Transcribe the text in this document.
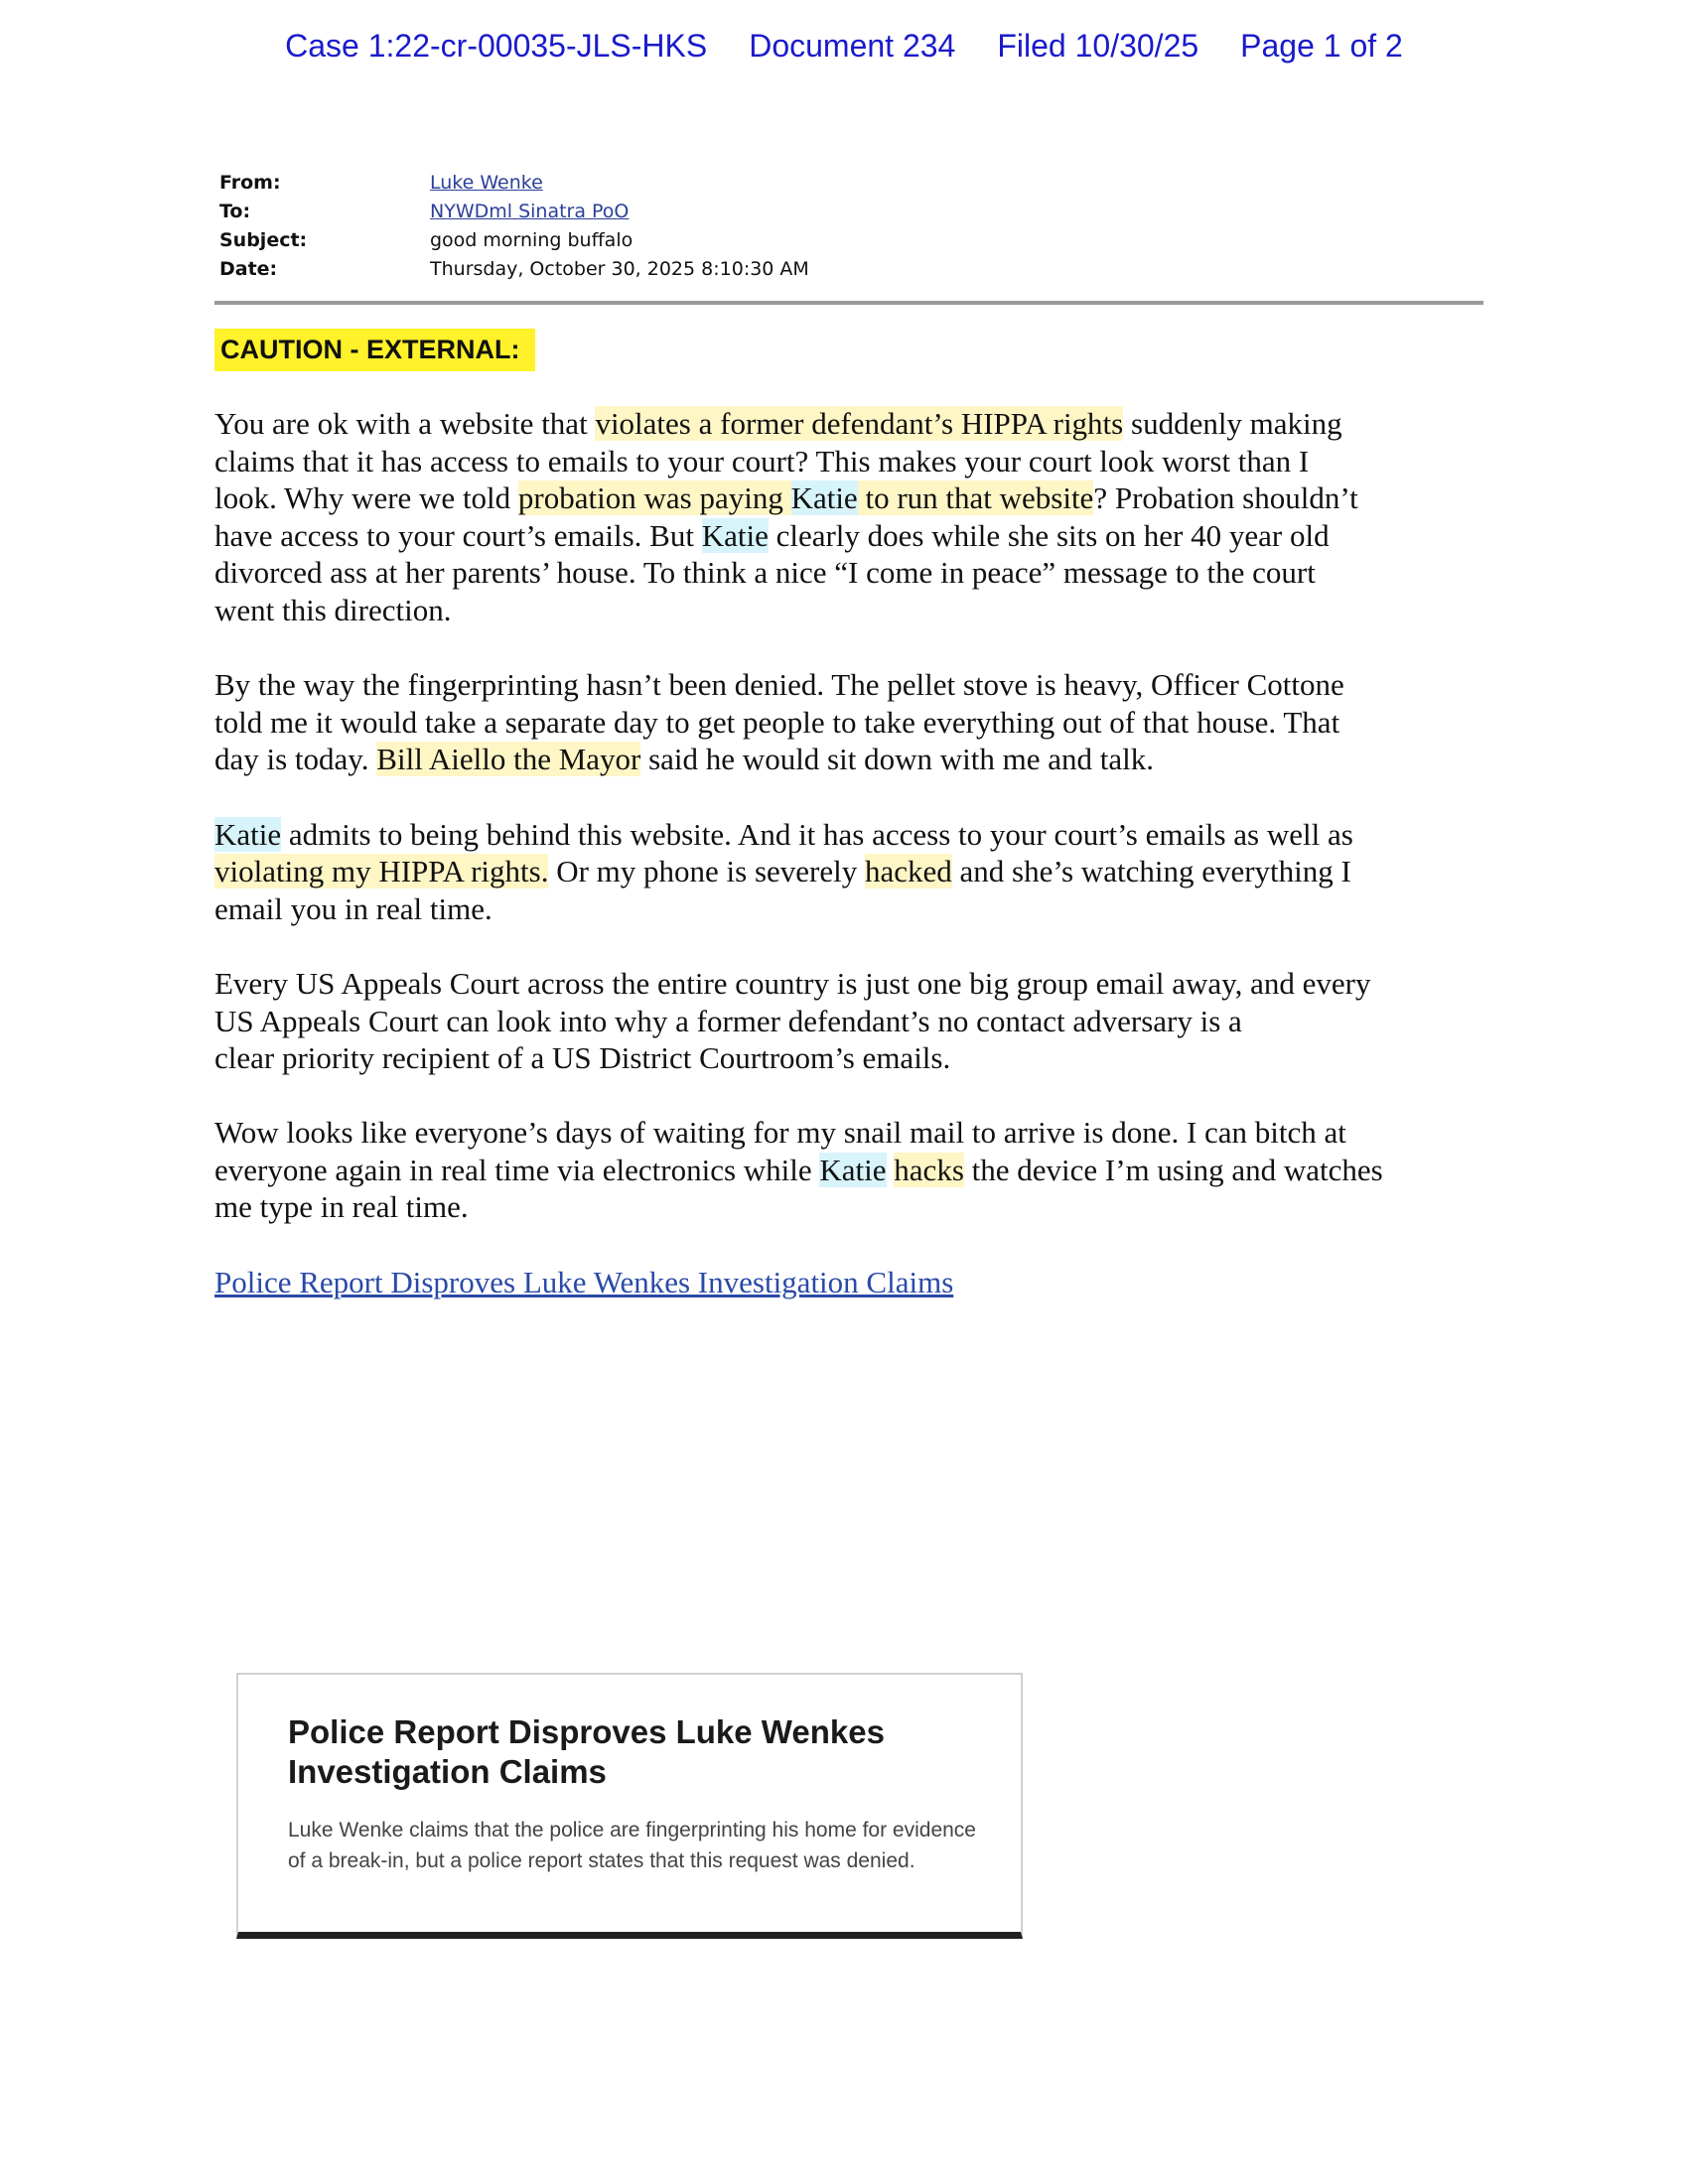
Case 1:22-cr-00035-JLS-HKS Document 234 Filed 10/30/25 Page 1 of 2
From:	Luke Wenke
To:	NYWDml Sinatra PoO
Subject:	good morning buffalo
Date:	Thursday, October 30, 2025 8:10:30 AM
CAUTION - EXTERNAL:

You are ok with a website that violates a former defendant’s HIPPA rights suddenly making
claims that it has access to emails to your court? This makes your court look worst than I
look. Why were we told probation was paying Katie to run that website? Probation shouldn’t
have access to your court’s emails. But Katie clearly does while she sits on her 40 year old
divorced ass at her parents’ house. To think a nice “I come in peace” message to the court
went this direction.

By the way the fingerprinting hasn’t been denied. The pellet stove is heavy, Officer Cottone
told me it would take a separate day to get people to take everything out of that house. That
day is today. Bill Aiello the Mayor said he would sit down with me and talk.

Katie admits to being behind this website. And it has access to your court’s emails as well as
violating my HIPPA rights. Or my phone is severely hacked and she’s watching everything I
email you in real time.

Every US Appeals Court across the entire country is just one big group email away, and every
US Appeals Court can look into why a former defendant’s no contact adversary is a
clear priority recipient of a US District Courtroom’s emails.

Wow looks like everyone’s days of waiting for my snail mail to arrive is done. I can bitch at
everyone again in real time via electronics while Katie hacks the device I’m using and watches
me type in real time.

Police Report Disproves Luke Wenkes Investigation Claims

Police Report Disproves Luke Wenkes Investigation Claims
Luke Wenke claims that the police are fingerprinting his home for evidence of a break-in, but a police report states that this request was denied.
